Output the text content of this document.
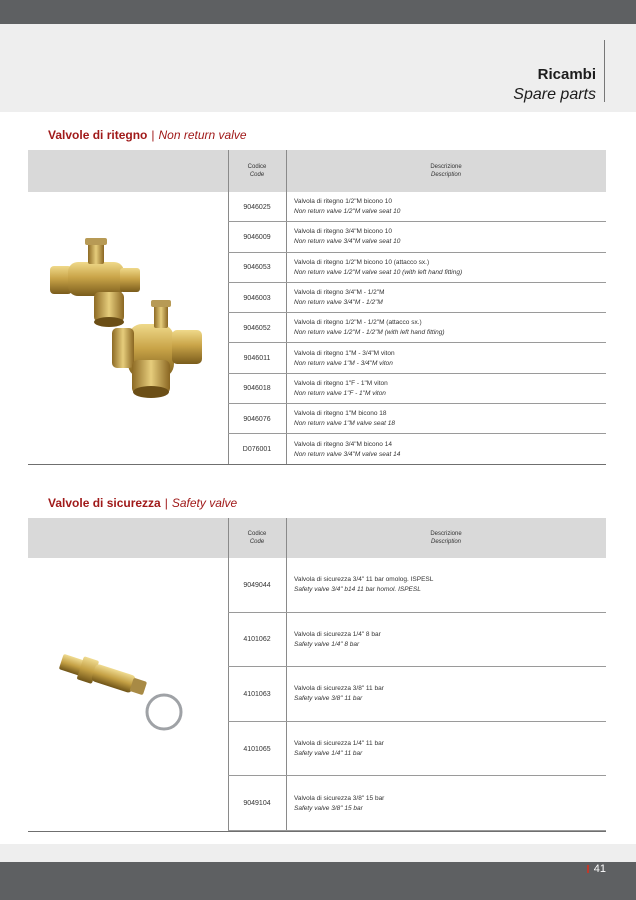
Ricambi
Spare parts
Valvole di ritegno | Non return valve
Codice
Code
Descrizione
Description
9046025
Valvola di ritegno 1/2"M bicono 10
Non return valve 1/2"M valve seat 10
9046009
Valvola di ritegno 3/4"M bicono 10
Non return valve 3/4"M valve seat 10
9046053
Valvola di ritegno 1/2"M bicono 10 (attacco sx.)
Non return valve 1/2"M valve seat 10 (with left hand fitting)
9046003
Valvola di ritegno 3/4"M - 1/2"M
Non return valve 3/4"M - 1/2"M
9046052
Valvola di ritegno 1/2"M - 1/2"M (attacco sx.)
Non return valve 1/2"M - 1/2"M (with left hand fitting)
9046011
Valvola di ritegno 1"M - 3/4"M viton
Non return valve 1"M - 3/4"M viton
9046018
Valvola di ritegno 1"F - 1"M viton
Non return valve 1"F - 1"M viton
9046076
Valvola di ritegno 1"M bicono 18
Non return valve 1"M valve seat 18
D076001
Valvola di ritegno 3/4"M bicono 14
Non return valve 3/4"M valve seat 14
Valvole di sicurezza | Safety valve
Codice
Code
Descrizione
Description
9049044
Valvola di sicurezza 3/4" 11 bar omolog. ISPESL
Safety valve 3/4" b14 11 bar homol. ISPESL
4101062
Valvola di sicurezza 1/4" 8 bar
Safety valve 1/4" 8 bar
4101063
Valvola di sicurezza 3/8" 11 bar
Safety valve 3/8" 11 bar
4101065
Valvola di sicurezza 1/4" 11 bar
Safety valve 1/4" 11 bar
9049104
Valvola di sicurezza 3/8" 15 bar
Safety valve 3/8" 15 bar
41
